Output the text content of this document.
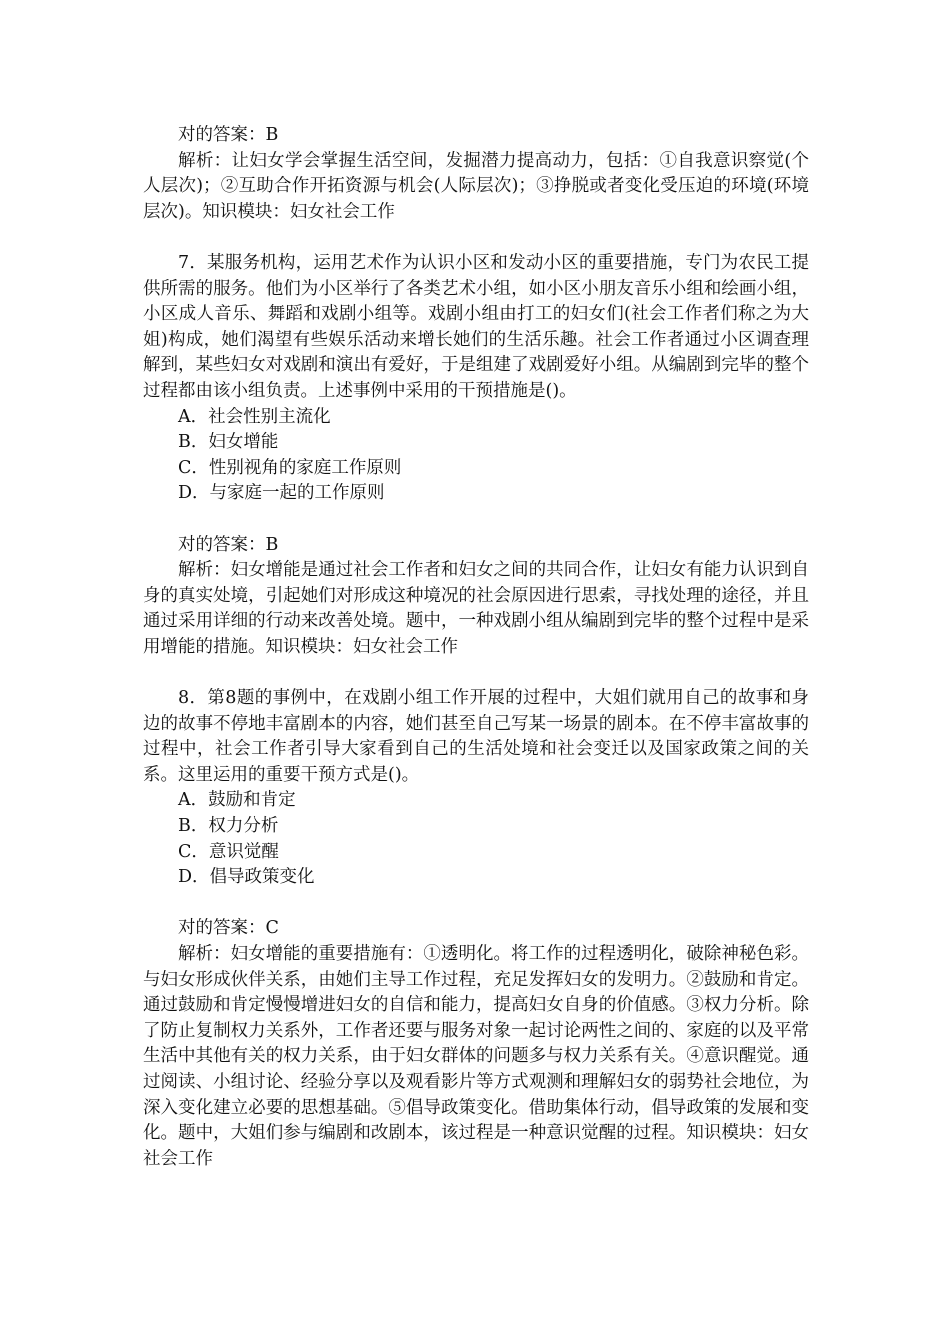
对的答案：B

解析：让妇女学会掌握生活空间，发掘潜力提高动力，包括：①自我意识察觉(个人层次)；②互助合作开拓资源与机会(人际层次)；③挣脱或者变化受压迫的环境(环境层次)。知识模块：妇女社会工作

7．某服务机构，运用艺术作为认识小区和发动小区的重要措施，专门为农民工提供所需的服务。他们为小区举行了各类艺术小组，如小区小朋友音乐小组和绘画小组，小区成人音乐、舞蹈和戏剧小组等。戏剧小组由打工的妇女们(社会工作者们称之为大姐)构成，她们渴望有些娱乐活动来增长她们的生活乐趣。社会工作者通过小区调查理解到，某些妇女对戏剧和演出有爱好，于是组建了戏剧爱好小组。从编剧到完毕的整个过程都由该小组负责。上述事例中采用的干预措施是()。

A．社会性别主流化

B．妇女增能

C．性别视角的家庭工作原则

D．与家庭一起的工作原则

对的答案：B

解析：妇女增能是通过社会工作者和妇女之间的共同合作，让妇女有能力认识到自身的真实处境，引起她们对形成这种境况的社会原因进行思索，寻找处理的途径，并且通过采用详细的行动来改善处境。题中，一种戏剧小组从编剧到完毕的整个过程中是采用增能的措施。知识模块：妇女社会工作

8．第8题的事例中，在戏剧小组工作开展的过程中，大姐们就用自己的故事和身边的故事不停地丰富剧本的内容，她们甚至自己写某一场景的剧本。在不停丰富故事的过程中，社会工作者引导大家看到自己的生活处境和社会变迁以及国家政策之间的关系。这里运用的重要干预方式是()。

A．鼓励和肯定

B．权力分析

C．意识觉醒

D．倡导政策变化

对的答案：C

解析：妇女增能的重要措施有：①透明化。将工作的过程透明化，破除神秘色彩。与妇女形成伙伴关系，由她们主导工作过程，充足发挥妇女的发明力。②鼓励和肯定。通过鼓励和肯定慢慢增进妇女的自信和能力，提高妇女自身的价值感。③权力分析。除了防止复制权力关系外，工作者还要与服务对象一起讨论两性之间的、家庭的以及平常生活中其他有关的权力关系，由于妇女群体的问题多与权力关系有关。④意识醒觉。通过阅读、小组讨论、经验分享以及观看影片等方式观测和理解妇女的弱势社会地位，为深入变化建立必要的思想基础。⑤倡导政策变化。借助集体行动，倡导政策的发展和变化。题中，大姐们参与编剧和改剧本，该过程是一种意识觉醒的过程。知识模块：妇女社会工作
